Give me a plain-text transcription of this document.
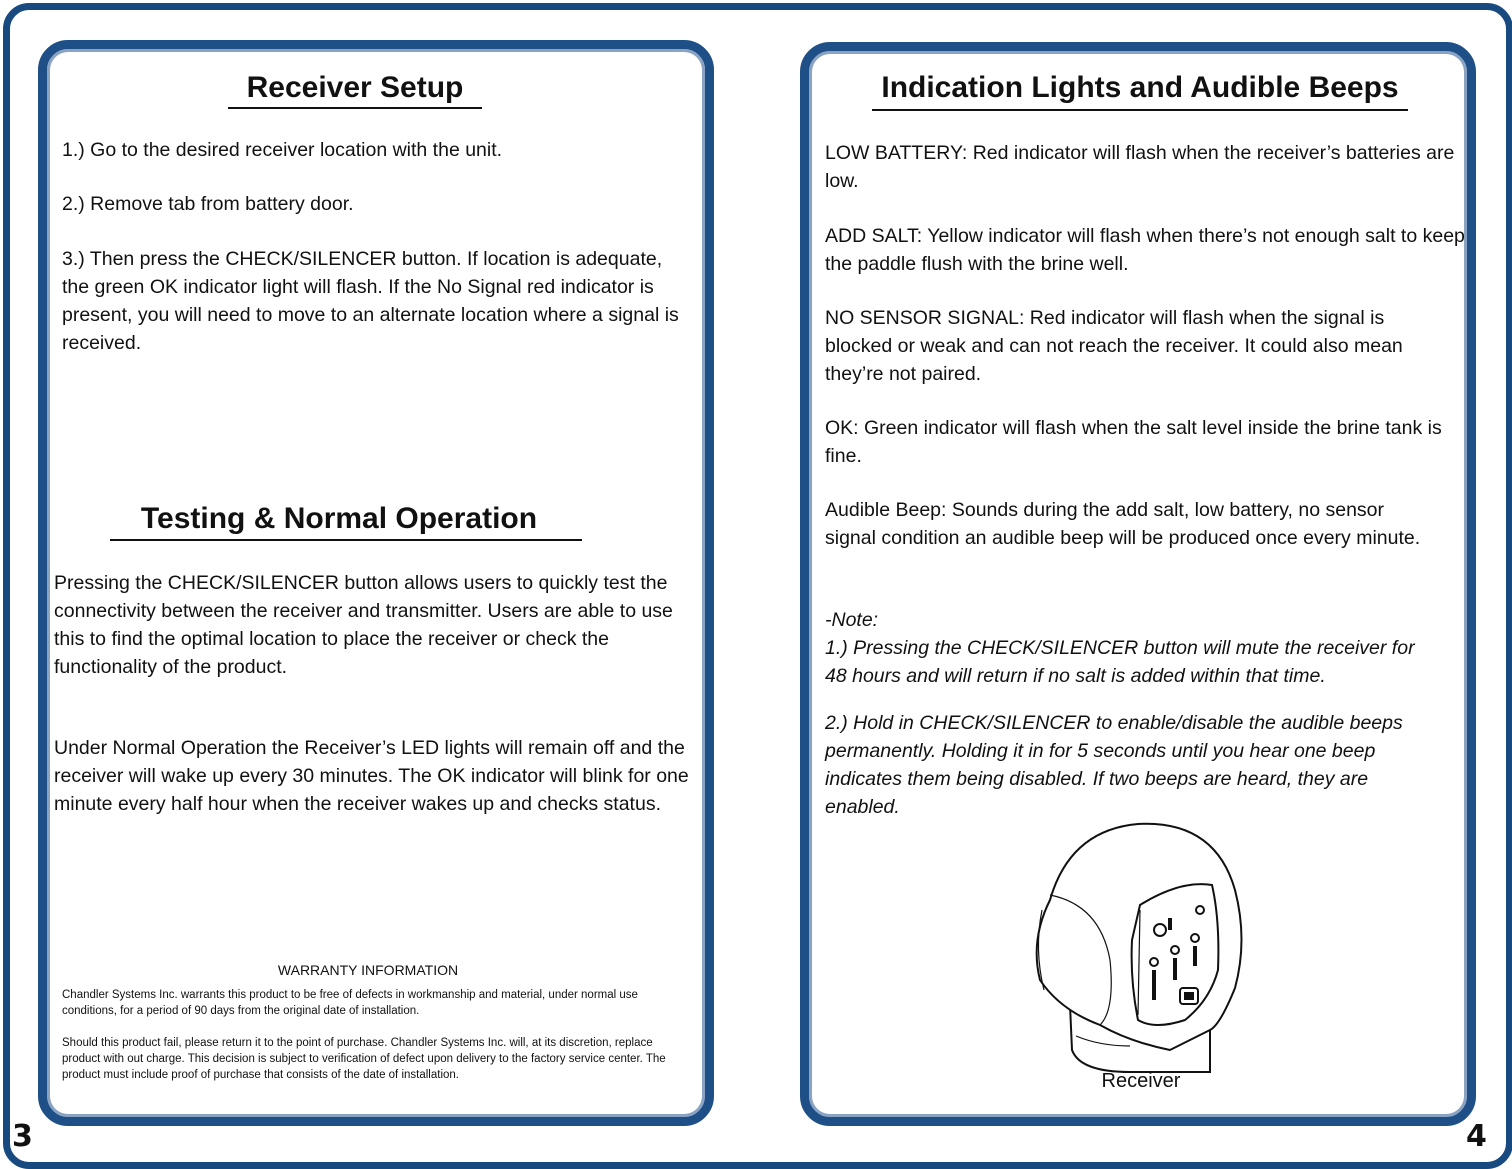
Receiver Setup
1.) Go to the desired receiver location with the unit.
2.) Remove tab from battery door.
3.) Then press the CHECK/SILENCER button. If location is adequate, the green OK indicator light will flash. If the No Signal red indicator is present, you will need to move to an alternate location where a signal is received.
Testing & Normal Operation
Pressing the CHECK/SILENCER button allows users to quickly test the connectivity between the receiver and transmitter. Users are able to use this to find the optimal location to place the receiver or check the functionality of the product.
Under Normal Operation the Receiver’s LED lights will remain off and the receiver will wake up every 30 minutes. The OK indicator will blink for one minute every half hour when the receiver wakes up and checks status.
WARRANTY INFORMATION
Chandler Systems Inc. warrants this product to be free of defects in workmanship and material, under normal use conditions, for a period of 90 days from the original date of installation.
Should this product fail, please return it to the point of purchase. Chandler Systems Inc. will, at its discretion, replace product with out charge. This decision is subject to verification of defect upon delivery to the factory service center. The product must include proof of purchase that consists of the date of installation.
3
Indication Lights and Audible Beeps
LOW BATTERY: Red indicator will flash when the receiver’s batteries are low.
ADD SALT: Yellow indicator will flash when there’s not enough salt to keep the paddle flush with the brine well.
NO SENSOR SIGNAL: Red indicator will flash when the signal is blocked or weak and can not reach the receiver. It could also mean they’re not paired.
OK: Green indicator will flash when the salt level inside the brine tank is fine.
Audible Beep: Sounds during the add salt, low battery, no sensor signal condition an audible beep will be produced once every minute.
-Note:
1.) Pressing the CHECK/SILENCER button will mute the receiver for 48 hours and will return if no salt is added within that time.
2.) Hold in CHECK/SILENCER to enable/disable the audible beeps permanently. Holding it in for 5 seconds until you hear one beep indicates them being disabled. If two beeps are heard, they are enabled.
Receiver
4
